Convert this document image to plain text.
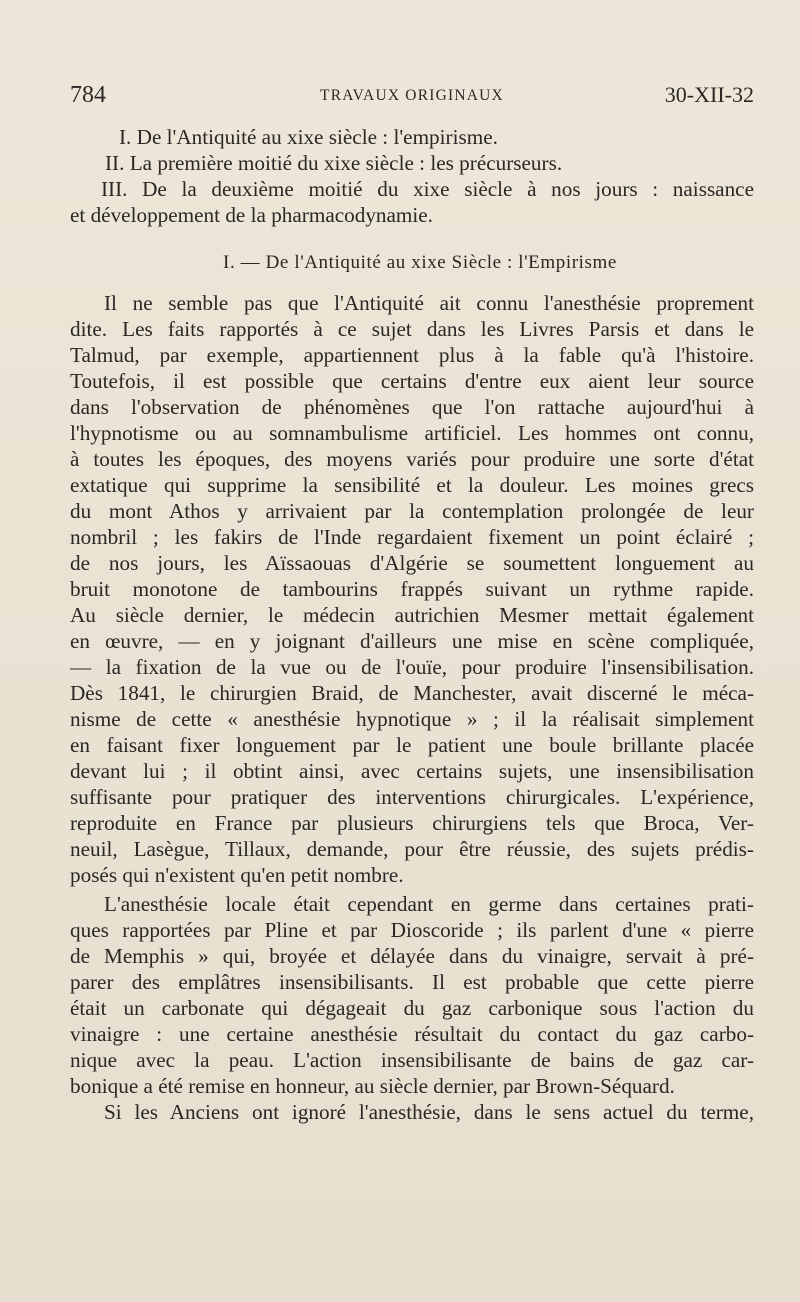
784	TRAVAUX ORIGINAUX	30-XII-32
I. De l'Antiquité au xixe siècle : l'empirisme.
II. La première moitié du xixe siècle : les précurseurs.
III. De la deuxième moitié du xixe siècle à nos jours : naissance
et développement de la pharmacodynamie.
I. — De l'Antiquité au xixe Siècle : l'Empirisme
Il ne semble pas que l'Antiquité ait connu l'anesthésie proprement
dite. Les faits rapportés à ce sujet dans les Livres Parsis et dans le
Talmud, par exemple, appartiennent plus à la fable qu'à l'histoire.
Toutefois, il est possible que certains d'entre eux aient leur source
dans l'observation de phénomènes que l'on rattache aujourd'hui à
l'hypnotisme ou au somnambulisme artificiel. Les hommes ont connu,
à toutes les époques, des moyens variés pour produire une sorte d'état
extatique qui supprime la sensibilité et la douleur. Les moines grecs
du mont Athos y arrivaient par la contemplation prolongée de leur
nombril ; les fakirs de l'Inde regardaient fixement un point éclairé ;
de nos jours, les Aïssaouas d'Algérie se soumettent longuement au
bruit monotone de tambourins frappés suivant un rythme rapide.
Au siècle dernier, le médecin autrichien Mesmer mettait également
en œuvre, — en y joignant d'ailleurs une mise en scène compliquée,
— la fixation de la vue ou de l'ouïe, pour produire l'insensibilisation.
Dès 1841, le chirurgien Braid, de Manchester, avait discerné le méca-
nisme de cette « anesthésie hypnotique » ; il la réalisait simplement
en faisant fixer longuement par le patient une boule brillante placée
devant lui ; il obtint ainsi, avec certains sujets, une insensibilisation
suffisante pour pratiquer des interventions chirurgicales. L'expérience,
reproduite en France par plusieurs chirurgiens tels que Broca, Ver-
neuil, Lasègue, Tillaux, demande, pour être réussie, des sujets prédis-
posés qui n'existent qu'en petit nombre.
L'anesthésie locale était cependant en germe dans certaines prati-
ques rapportées par Pline et par Dioscoride ; ils parlent d'une « pierre
de Memphis » qui, broyée et délayée dans du vinaigre, servait à pré-
parer des emplâtres insensibilisants. Il est probable que cette pierre
était un carbonate qui dégageait du gaz carbonique sous l'action du
vinaigre : une certaine anesthésie résultait du contact du gaz carbo-
nique avec la peau. L'action insensibilisante de bains de gaz car-
bonique a été remise en honneur, au siècle dernier, par Brown-Séquard.
Si les Anciens ont ignoré l'anesthésie, dans le sens actuel du terme,
